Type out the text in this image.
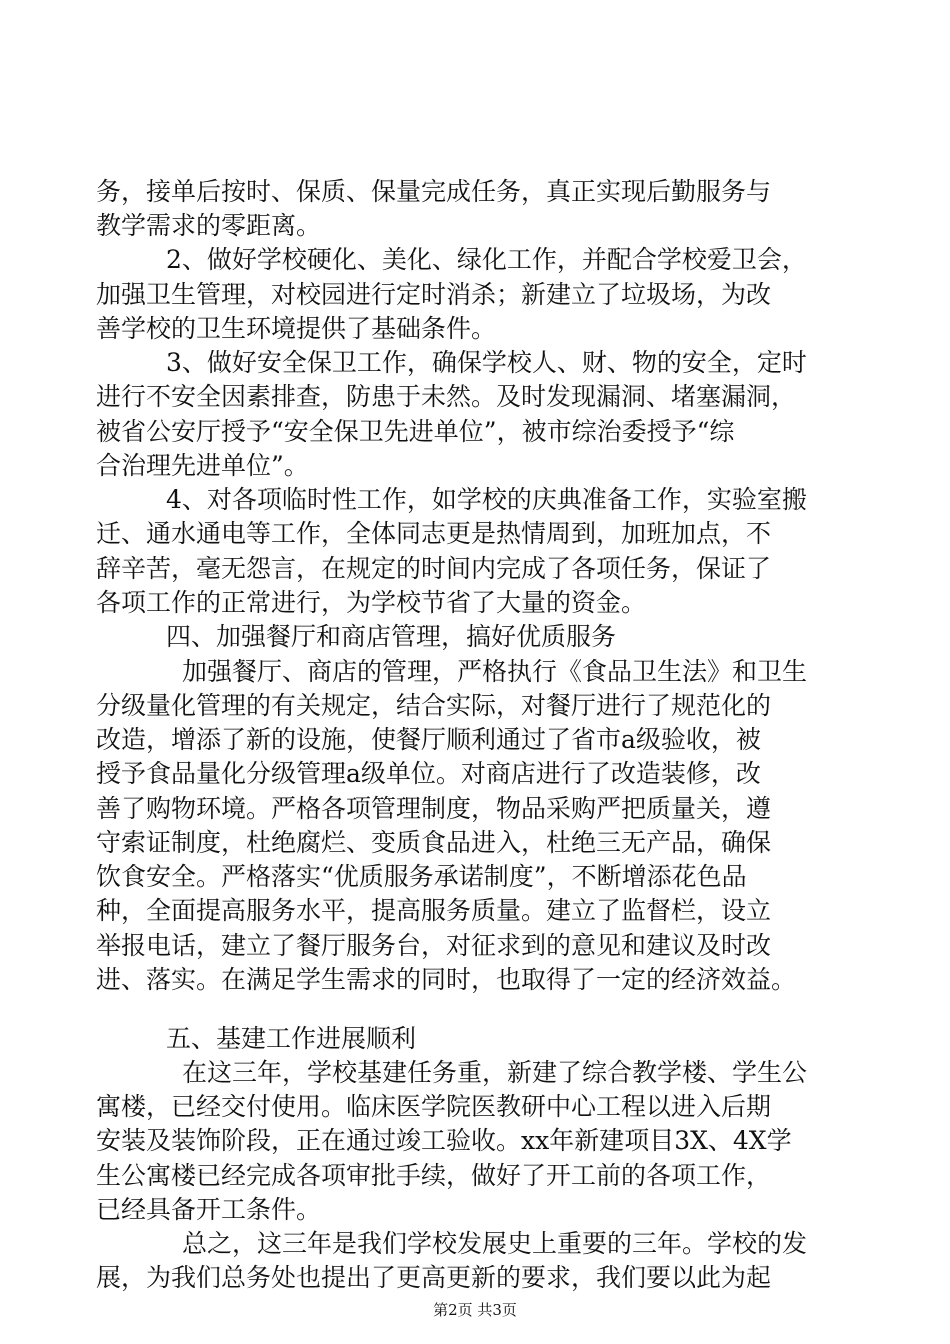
务，接单后按时、保质、保量完成任务，真正实现后勤服务与
教学需求的零距离。
2、做好学校硬化、美化、绿化工作，并配合学校爱卫会，
加强卫生管理，对校园进行定时消杀；新建立了垃圾场，为改
善学校的卫生环境提供了基础条件。
3、做好安全保卫工作，确保学校人、财、物的安全，定时
进行不安全因素排查，防患于未然。及时发现漏洞、堵塞漏洞，
被省公安厅授予“安全保卫先进单位”，被市综治委授予“综
合治理先进单位”。
4、对各项临时性工作，如学校的庆典准备工作，实验室搬
迁、通水通电等工作，全体同志更是热情周到，加班加点，不
辞辛苦，毫无怨言，在规定的时间内完成了各项任务，保证了
各项工作的正常进行，为学校节省了大量的资金。
四、加强餐厅和商店管理，搞好优质服务
加强餐厅、商店的管理，严格执行《食品卫生法》和卫生
分级量化管理的有关规定，结合实际，对餐厅进行了规范化的
改造，增添了新的设施，使餐厅顺利通过了省市a级验收，被
授予食品量化分级管理a级单位。对商店进行了改造装修，改
善了购物环境。严格各项管理制度，物品采购严把质量关，遵
守索证制度，杜绝腐烂、变质食品进入，杜绝三无产品，确保
饮食安全。严格落实“优质服务承诺制度”，不断增添花色品
种，全面提高服务水平，提高服务质量。建立了监督栏，设立
举报电话，建立了餐厅服务台，对征求到的意见和建议及时改
进、落实。在满足学生需求的同时，也取得了一定的经济效益。
五、基建工作进展顺利
在这三年，学校基建任务重，新建了综合教学楼、学生公
寓楼，已经交付使用。临床医学院医教研中心工程以进入后期
安装及装饰阶段，正在通过竣工验收。xx年新建项目3X、4X学
生公寓楼已经完成各项审批手续，做好了开工前的各项工作，
已经具备开工条件。
总之，这三年是我们学校发展史上重要的三年。学校的发
展，为我们总务处也提出了更高更新的要求，我们要以此为起
第2页 共3页
